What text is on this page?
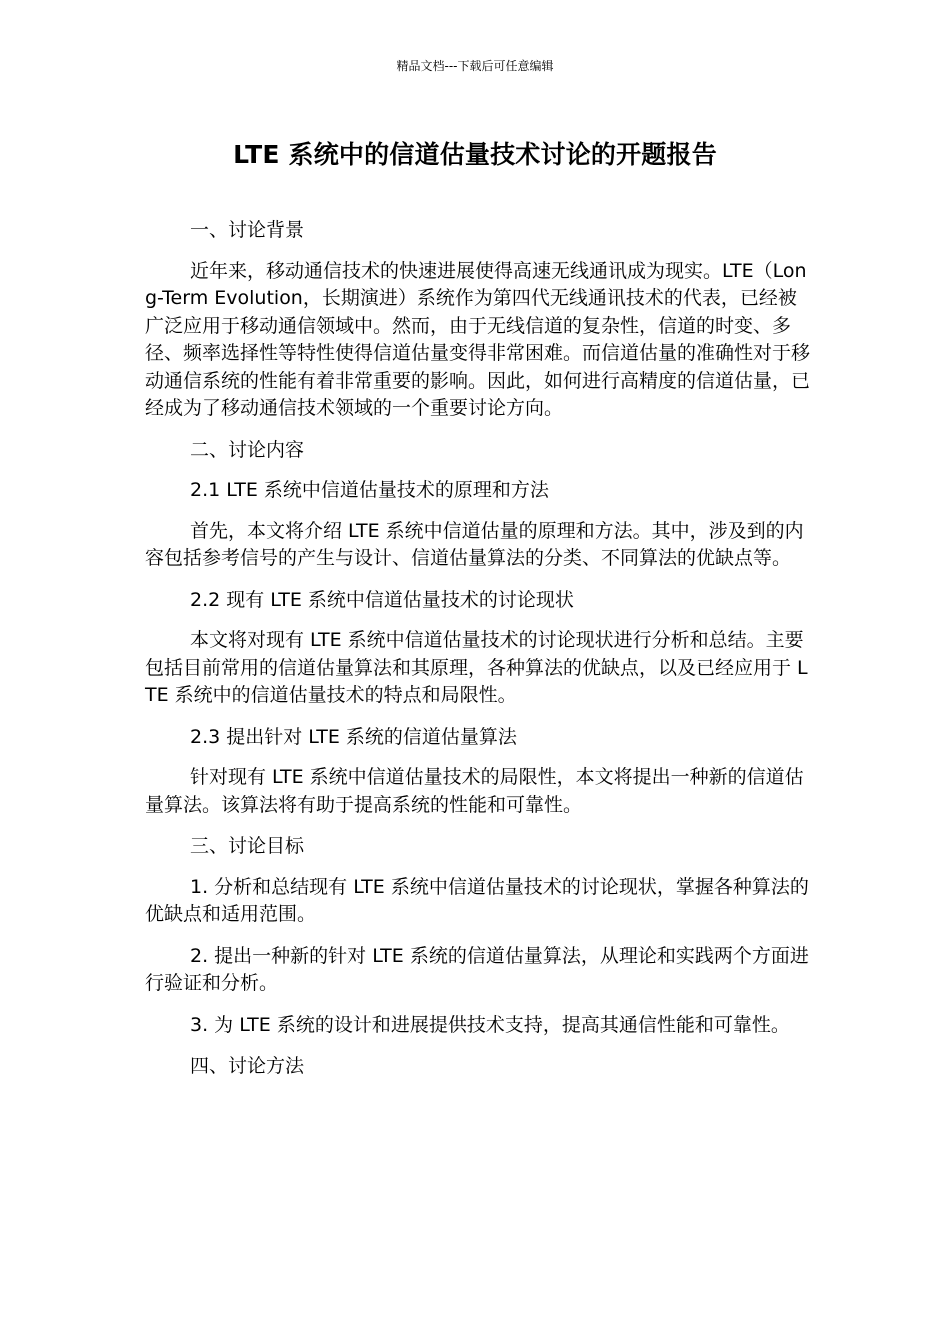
精品文档---下载后可任意编辑
LTE 系统中的信道估量技术讨论的开题报告

一、讨论背景

近年来，移动通信技术的快速进展使得高速无线通讯成为现实。LTE（Long-Term Evolution，长期演进）系统作为第四代无线通讯技术的代表，已经被广泛应用于移动通信领域中。然而，由于无线信道的复杂性，信道的时变、多径、频率选择性等特性使得信道估量变得非常困难。而信道估量的准确性对于移动通信系统的性能有着非常重要的影响。因此，如何进行高精度的信道估量，已经成为了移动通信技术领域的一个重要讨论方向。

二、讨论内容

2.1 LTE 系统中信道估量技术的原理和方法

首先，本文将介绍 LTE 系统中信道估量的原理和方法。其中，涉及到的内容包括参考信号的产生与设计、信道估量算法的分类、不同算法的优缺点等。

2.2 现有 LTE 系统中信道估量技术的讨论现状

本文将对现有 LTE 系统中信道估量技术的讨论现状进行分析和总结。主要包括目前常用的信道估量算法和其原理，各种算法的优缺点，以及已经应用于 LTE 系统中的信道估量技术的特点和局限性。

2.3 提出针对 LTE 系统的信道估量算法

针对现有 LTE 系统中信道估量技术的局限性，本文将提出一种新的信道估量算法。该算法将有助于提高系统的性能和可靠性。

三、讨论目标

1. 分析和总结现有 LTE 系统中信道估量技术的讨论现状，掌握各种算法的优缺点和适用范围。

2. 提出一种新的针对 LTE 系统的信道估量算法，从理论和实践两个方面进行验证和分析。

3. 为 LTE 系统的设计和进展提供技术支持，提高其通信性能和可靠性。

四、讨论方法
